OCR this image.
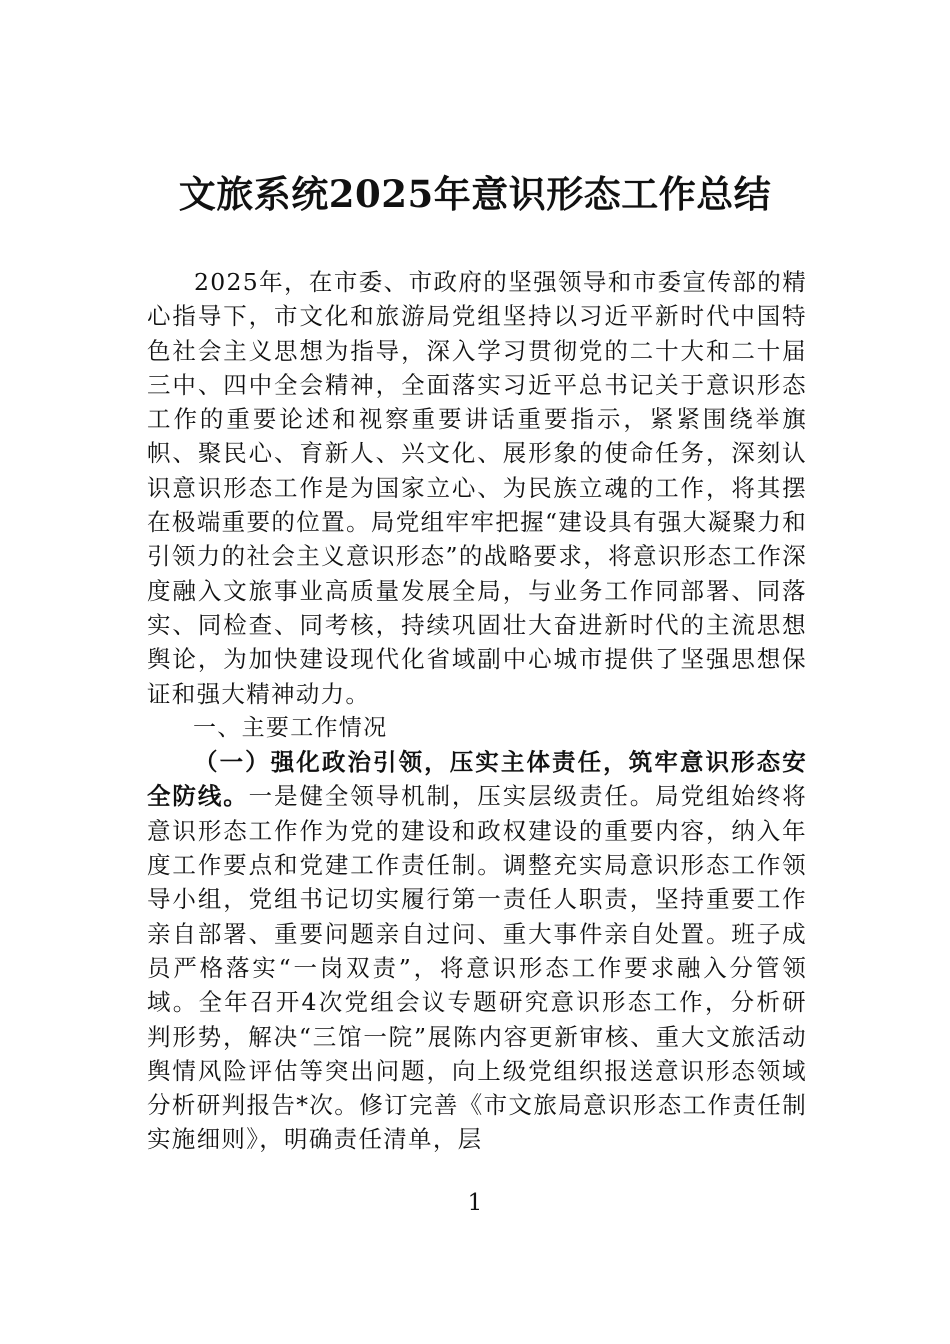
文旅系统2025年意识形态工作总结

2025年，在市委、市政府的坚强领导和市委宣传部的精心指导下，市文化和旅游局党组坚持以习近平新时代中国特色社会主义思想为指导，深入学习贯彻党的二十大和二十届三中、四中全会精神，全面落实习近平总书记关于意识形态工作的重要论述和视察重要讲话重要指示，紧紧围绕举旗帜、聚民心、育新人、兴文化、展形象的使命任务，深刻认识意识形态工作是为国家立心、为民族立魂的工作，将其摆在极端重要的位置。局党组牢牢把握“建设具有强大凝聚力和引领力的社会主义意识形态”的战略要求，将意识形态工作深度融入文旅事业高质量发展全局，与业务工作同部署、同落实、同检查、同考核，持续巩固壮大奋进新时代的主流思想舆论，为加快建设现代化省域副中心城市提供了坚强思想保证和强大精神动力。

一、主要工作情况

（一）强化政治引领，压实主体责任，筑牢意识形态安全防线。一是健全领导机制，压实层级责任。局党组始终将意识形态工作作为党的建设和政权建设的重要内容，纳入年度工作要点和党建工作责任制。调整充实局意识形态工作领导小组，党组书记切实履行第一责任人职责，坚持重要工作亲自部署、重要问题亲自过问、重大事件亲自处置。班子成员严格落实“一岗双责”，将意识形态工作要求融入分管领域。全年召开4次党组会议专题研究意识形态工作，分析研判形势，解决“三馆一院”展陈内容更新审核、重大文旅活动舆情风险评估等突出问题，向上级党组织报送意识形态领域分析研判报告*次。修订完善《市文旅局意识形态工作责任制实施细则》，明确责任清单，层

1
